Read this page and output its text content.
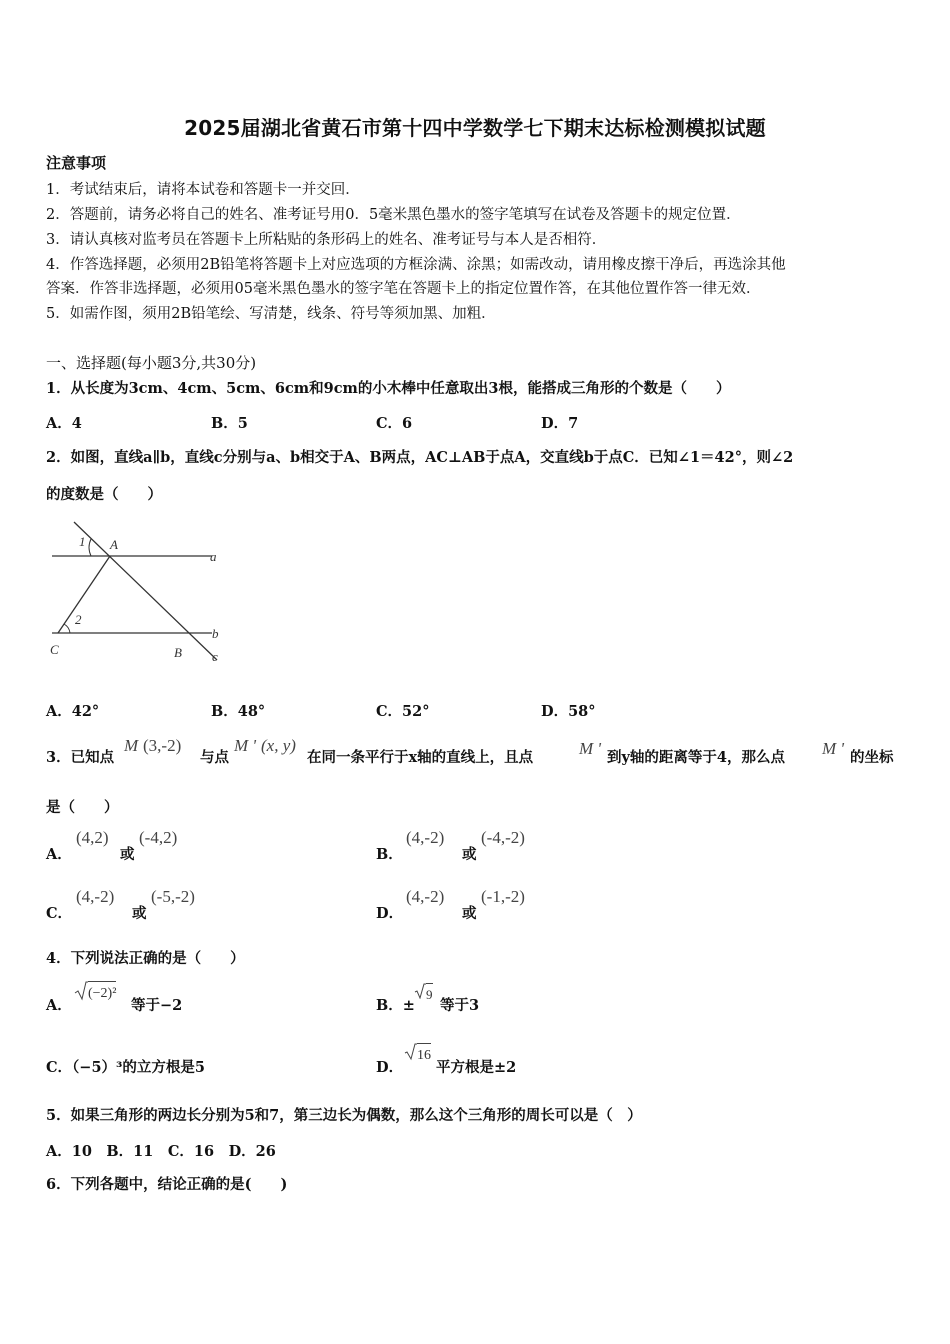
2025届湖北省黄石市第十四中学数学七下期末达标检测模拟试题
注意事项
1．考试结束后，请将本试卷和答题卡一并交回．
2．答题前，请务必将自己的姓名、准考证号用0．5毫米黑色墨水的签字笔填写在试卷及答题卡的规定位置．
3．请认真核对监考员在答题卡上所粘贴的条形码上的姓名、准考证号与本人是否相符．
4．作答选择题，必须用2B铅笔将答题卡上对应选项的方框涂满、涂黑；如需改动，请用橡皮擦干净后，再选涂其他
答案．作答非选择题，必须用05毫米黑色墨水的签字笔在答题卡上的指定位置作答，在其他位置作答一律无效．
5．如需作图，须用2B铅笔绘、写清楚，线条、符号等须加黑、加粗．
一、选择题(每小题3分,共30分)
1．从长度为3cm、4cm、5cm、6cm和9cm的小木棒中任意取出3根，能搭成三角形的个数是（　　）
A．4	B．5	C．6	D．7
2．如图，直线a∥b，直线c分别与a、b相交于A、B两点，AC⊥AB于点A，交直线b于点C．已知∠1＝42°，则∠2
的度数是（　　）
1 A
a
2
C	B
b
c
A．42°	B．48°	C．52°	D．58°
3．已知点
M (3,-2)
与点
M ' (x, y)
在同一条平行于x轴的直线上，且点	M ' 到y轴的距离等于4，那么点 M ' 的坐标
是（　　）
A．
(4,2)
或
(-4,2)
B．
(4,-2)
或
(-4,-2)
C．
(4,-2)
或
(-5,-2)
D．
(4,-2)
或
(-1,-2)
4．下列说法正确的是（　　）
A．
(−2)²
等于−2	B．±
9
等于3
C．（−5）³的立方根是5	D．
16
平方根是±2
5．如果三角形的两边长分别为5和7，第三边长为偶数，那么这个三角形的周长可以是（　）
A．10　B．11　C．16　D．26
6．下列各题中，结论正确的是(　　)
